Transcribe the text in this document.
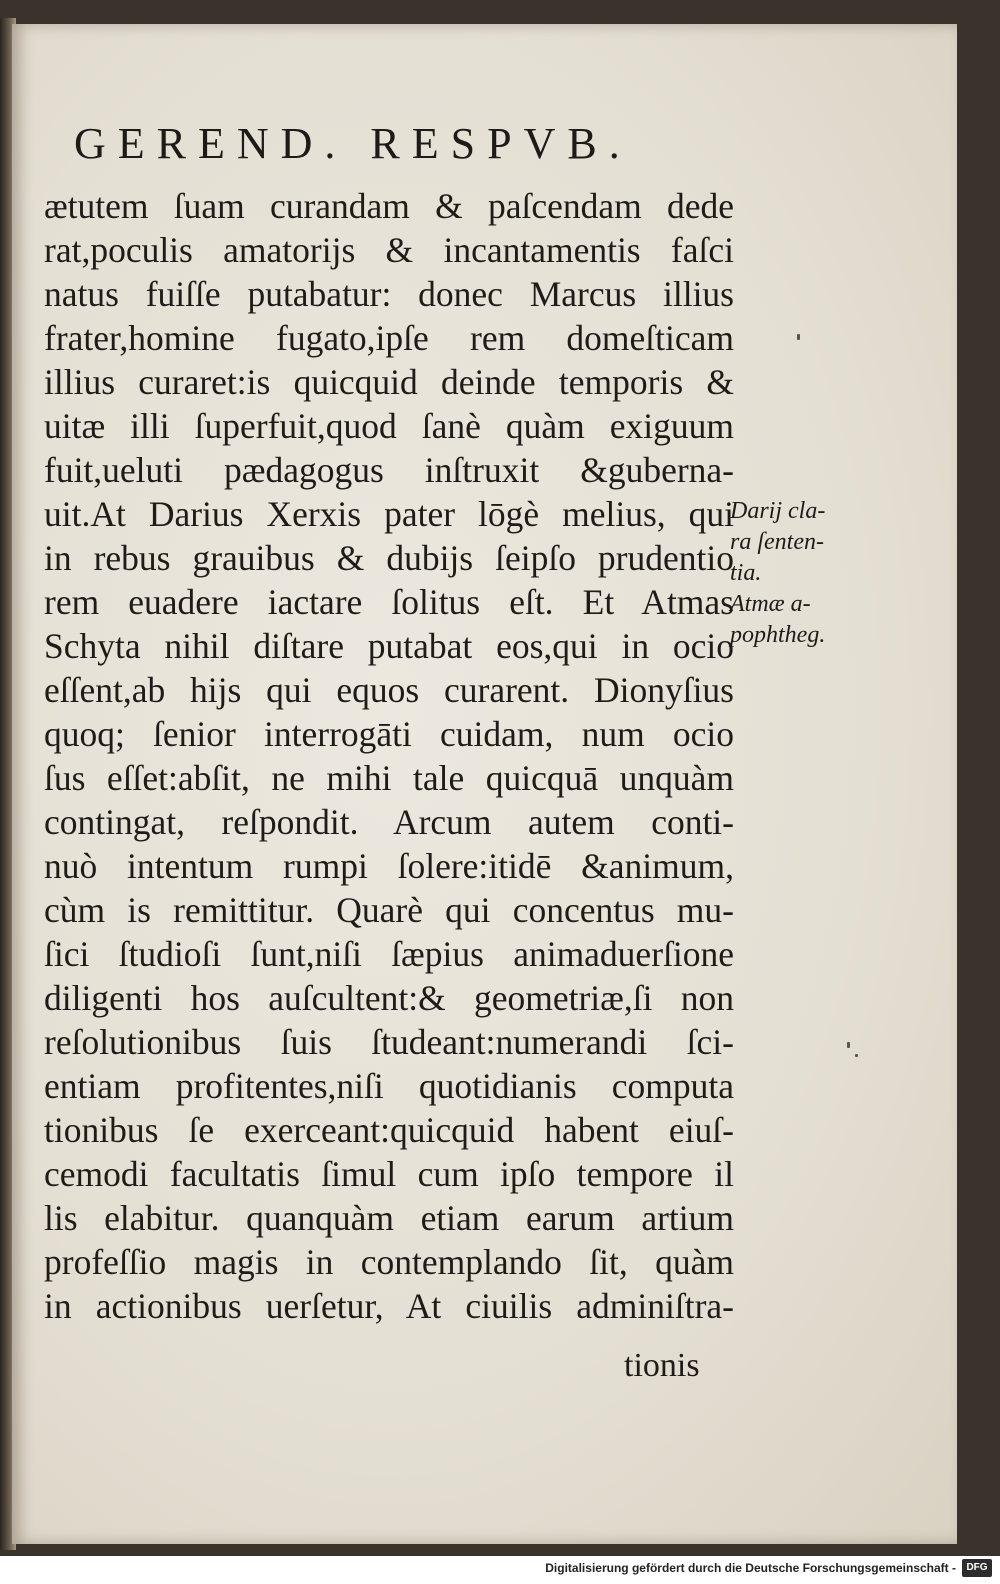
GEREND. RESPVB.
ætutem ſuam curandam & paſcendam dede
rat,poculis amatorijs & incantamentis faſci
natus fuiſſe putabatur: donec Marcus illius
frater,homine fugato,ipſe rem domeſticam
illius curaret:is quicquid deinde temporis &
uitæ illi ſuperfuit,quod ſanè quàm exiguum
fuit,ueluti pædagogus inſtruxit &guberna-
uit.At Darius Xerxis pater lōgè melius, qui
in rebus grauibus & dubijs ſeipſo prudentio
rem euadere iactare ſolitus eſt. Et Atmas
Schyta nihil diſtare putabat eos,qui in ocio
eſſent,ab hijs qui equos curarent. Dionyſius
quoq; ſenior interrogāti cuidam, num ocio
ſus eſſet:abſit, ne mihi tale quicquā unquàm
contingat, reſpondit. Arcum autem conti-
nuò intentum rumpi ſolere:itidē &animum,
cùm is remittitur. Quarè qui concentus mu-
ſici ſtudioſi ſunt,niſi ſæpius animaduerſione
diligenti hos auſcultent:& geometriæ,ſi non
reſolutionibus ſuis ſtudeant:numerandi ſci-
entiam profitentes,niſi quotidianis computa
tionibus ſe exerceant:quicquid habent eiuſ-
cemodi facultatis ſimul cum ipſo tempore il
lis elabitur. quanquàm etiam earum artium
profeſſio magis in contemplando ſit, quàm
in actionibus uerſetur, At ciuilis adminiſtra-
tionis
Darij cla-
ra ſenten-
tia.
Atmæ a-
pophtheg.
Digitalisierung gefördert durch die Deutsche Forschungsgemeinschaft -	DFG
